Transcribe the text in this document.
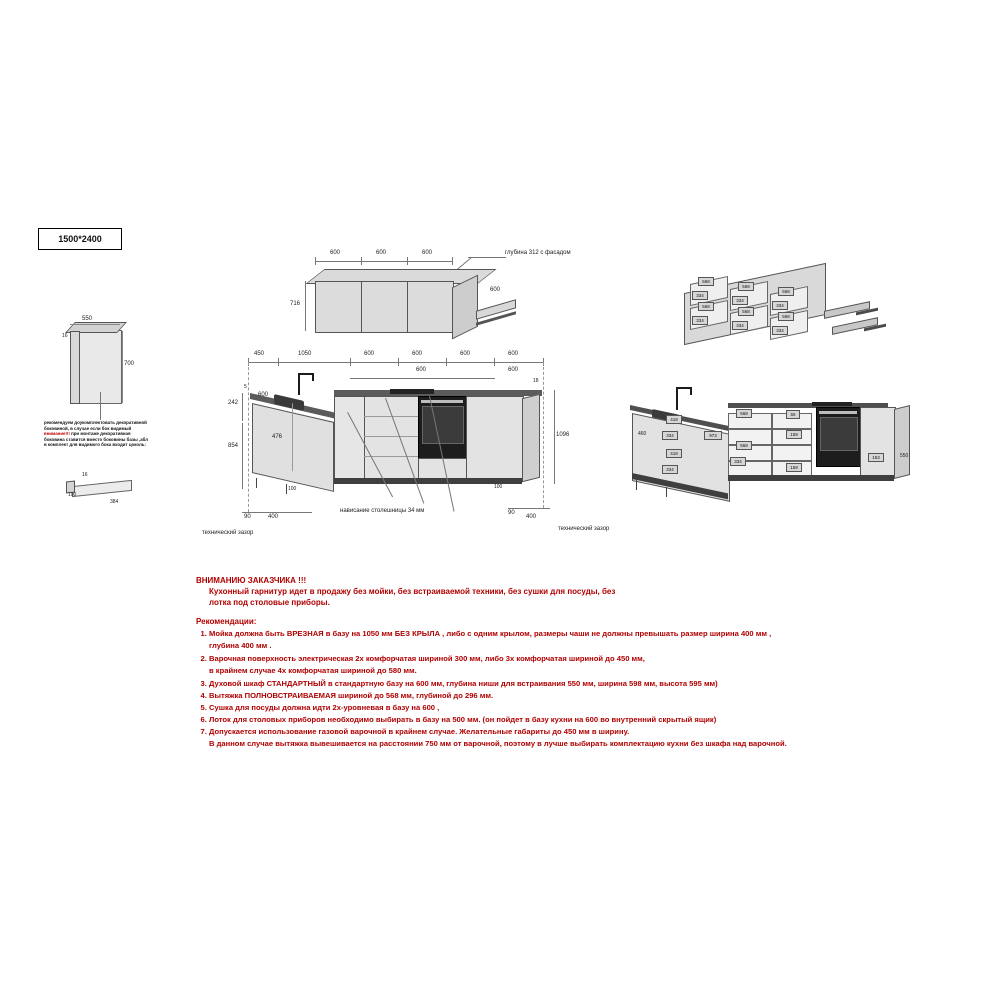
1500*2400
550
16
700
рекомендуем доукомплектовать декоративной
боковиной, в случае если бок видимый
внимание!!! при монтаже декоративная
боковина ставится вместо боковины базы ,абл
в комплект для видимого бока входит цоколь:
16
100
384
600	600	600	глубина 312 с фасадом
600
716
450	1050	600	600	600	600
600	600
18
476
600
242
854
5
1096
100	100
90	400
90
400
технический зазор
технический зазор
нависание столешницы 34 мм
568
568
568
334
334
334
568
568
568
334
334
334
418
334
418
334
460	973
568
568
334
55
159
159
153	550
ВНИМАНИЮ ЗАКАЗЧИКА !!!
Кухонный гарнитур идет в продажу без мойки, без встраиваемой техники, без сушки для посуды, без
лотка под столовые приборы.
Рекомендации:
1. Мойка должна быть ВРЕЗНАЯ в базу на 1050 мм БЕЗ КРЫЛА , либо с одним крылом, размеры чаши не должны превышать размер ширина 400 мм ,
глубина 400 мм .
2. Варочная поверхность электрическая 2х комфорчатая шириной 300 мм, либо 3х комфорчатая шириной до 450 мм,
в крайнем случае 4х комфорчатая шириной до 580 мм.
3. Духовой шкаф СТАНДАРТНЫЙ в стандартную базу на 600 мм, глубина ниши для встраивания 550 мм, ширина 598 мм, высота 595 мм)
4. Вытяжка ПОЛНОВСТРАИВАЕМАЯ шириной до 568 мм, глубиной до 296 мм.
5. Сушка для посуды должна идти 2х-уровневая в базу на 600 ,
6. Лоток для столовых приборов необходимо выбирать в базу на 500 мм. (он пойдет в базу кухни на 600 во внутренний скрытый ящик)
7. Допускается использование газовой варочной в крайнем случае. Желательные габариты до 450 мм в ширину.
В данном случае вытяжка вывешивается на расстоянии 750 мм от варочной, поэтому в лучше выбирать комплектацию кухни без шкафа над варочной.
